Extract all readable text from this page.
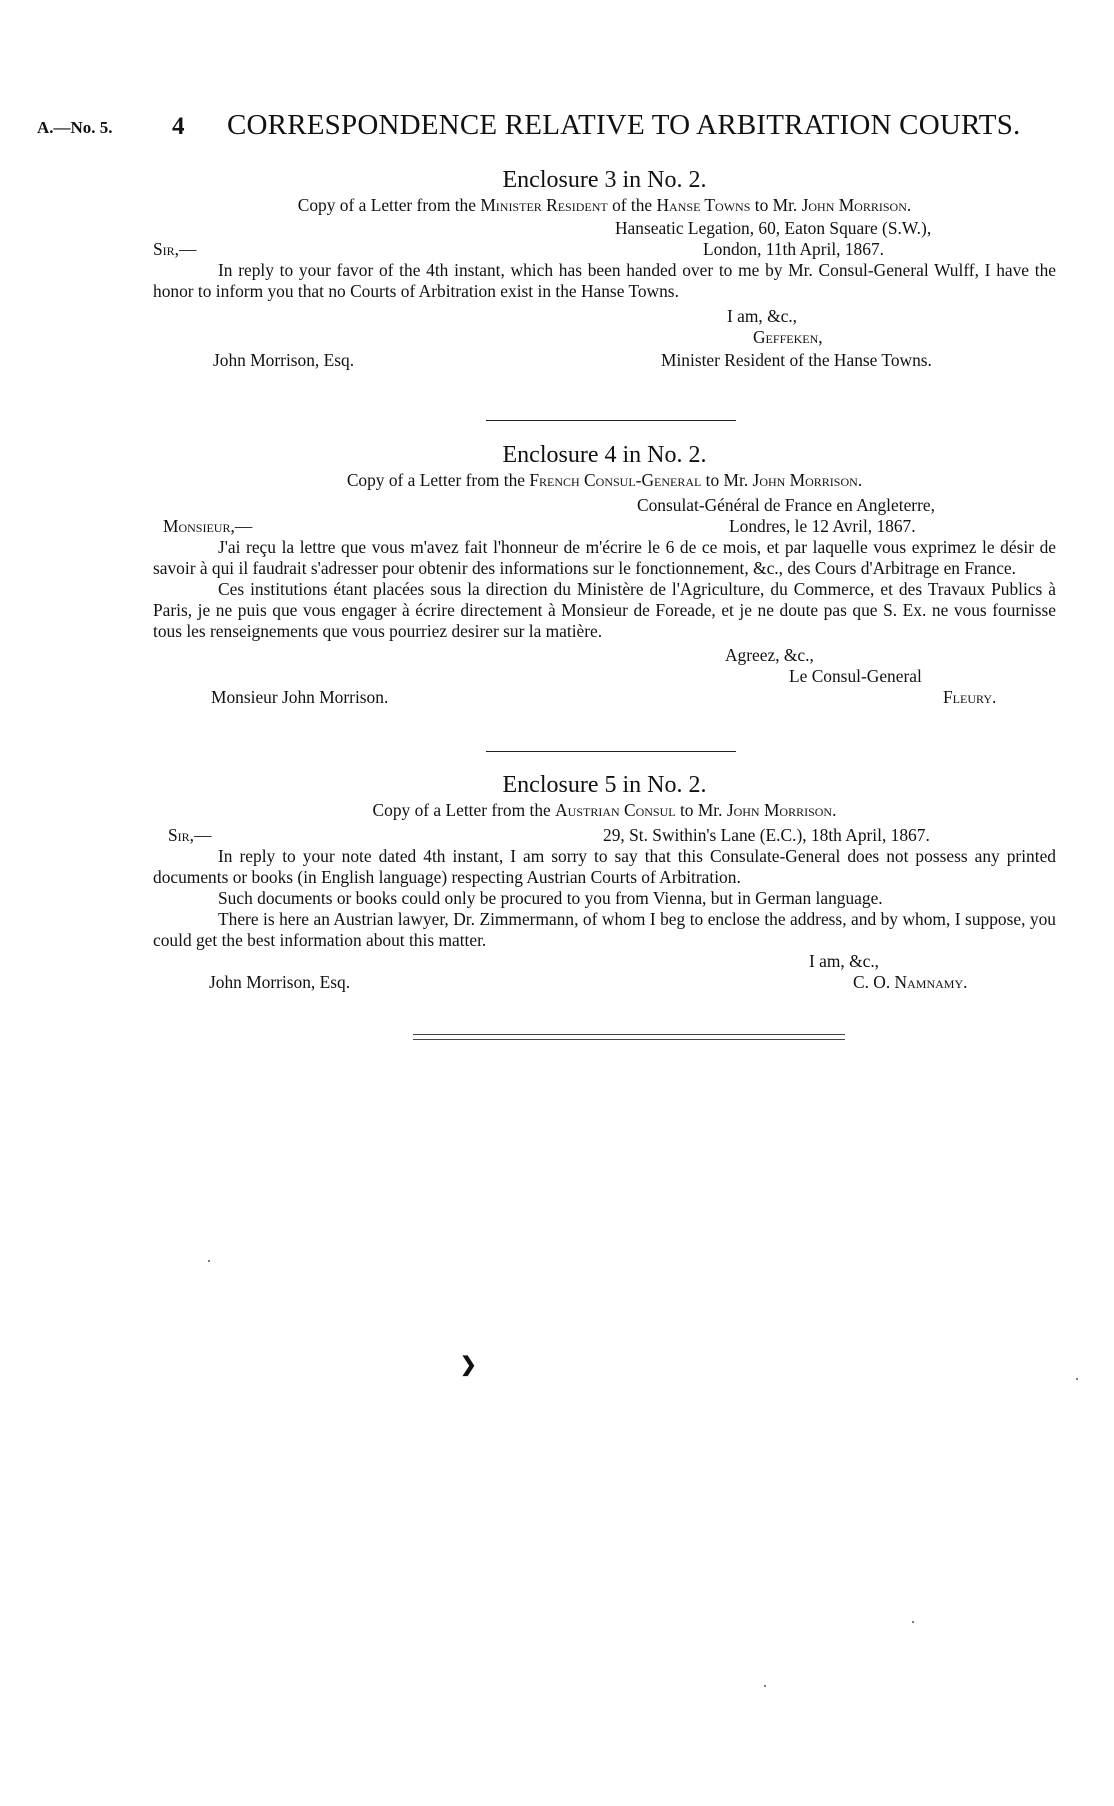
A.—No. 5. 4 CORRESPONDENCE RELATIVE TO ARBITRATION COURTS.
Enclosure 3 in No. 2.
Copy of a Letter from the Minister Resident of the Hanse Towns to Mr. John Morrison.
Hanseatic Legation, 60, Eaton Square (S.W.),
Sir,—	London, 11th April, 1867.

In reply to your favor of the 4th instant, which has been handed over to me by Mr. Consul-General Wulff, I have the honor to inform you that no Courts of Arbitration exist in the Hanse Towns.

I am, &c.,
Geffeken,
John Morrison, Esq.	Minister Resident of the Hanse Towns.
Enclosure 4 in No. 2.
Copy of a Letter from the French Consul-General to Mr. John Morrison.
Consulat-Général de France en Angleterre,
Monsieur,—	Londres, le 12 Avril, 1867.

J'ai reçu la lettre que vous m'avez fait l'honneur de m'écrire le 6 de ce mois, et par laquelle vous exprimez le désir de savoir à qui il faudrait s'adresser pour obtenir des informations sur le fonctionnement, &c., des Cours d'Arbitrage en France.

Ces institutions étant placées sous la direction du Ministère de l'Agriculture, du Commerce, et des Travaux Publics à Paris, je ne puis que vous engager à écrire directement à Monsieur de Foreade, et je ne doute pas que S. Ex. ne vous fournisse tous les renseignements que vous pourriez desirer sur la matière.

Agreez, &c.,
Le Consul-General
Monsieur John Morrison.	Fleury.
Enclosure 5 in No. 2.
Copy of a Letter from the Austrian Consul to Mr. John Morrison.
Sir,—	29, St. Swithin's Lane (E.C.), 18th April, 1867.

In reply to your note dated 4th instant, I am sorry to say that this Consulate-General does not possess any printed documents or books (in English language) respecting Austrian Courts of Arbitration.

Such documents or books could only be procured to you from Vienna, but in German language.

There is here an Austrian lawyer, Dr. Zimmermann, of whom I beg to enclose the address, and by whom, I suppose, you could get the best information about this matter.

I am, &c.,
John Morrison, Esq.	C. O. Namnamy.
❯
